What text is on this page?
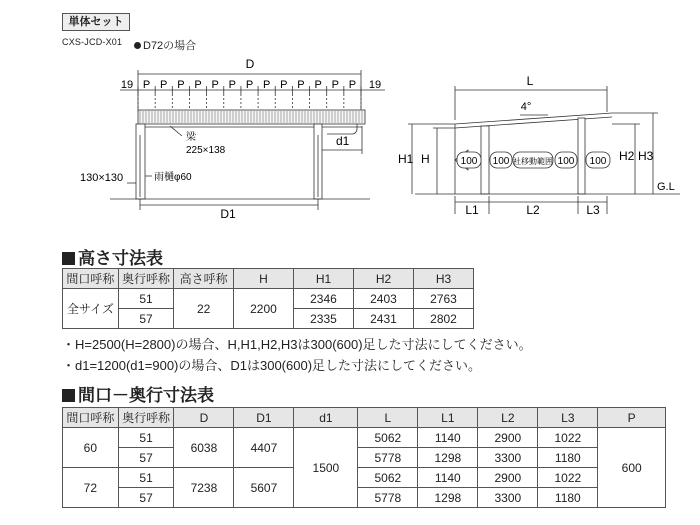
単体セット
CXS-JCD-X01	D72の場合
D
19	19
P P P P P P P P P P P P P
梁
225×138
d1
130×130	雨樋φ60
D1
L
4°
H1 H	H2 H3
G.L
100 100 社移動範囲 100 100
L1	L2	L3
高さ寸法表
間口呼称	奥行呼称	高さ呼称	H	H1	H2	H3
全サイズ	51	22	2200	2346	2403	2763
	57			2335	2431	2802
・H=2500(H=2800)の場合、H,H1,H2,H3は300(600)足した寸法にしてください。
・d1=1200(d1=900)の場合、D1は300(600)足した寸法にしてください。
間口－奥行寸法表
間口呼称	奥行呼称	D	D1	d1	L	L1	L2	L3	P
60	51	6038	4407	1500	5062	1140	2900	1022	600
	57				5778	1298	3300	1180	
72	51	7238	5607		5062	1140	2900	1022	
	57				5778	1298	3300	1180	
